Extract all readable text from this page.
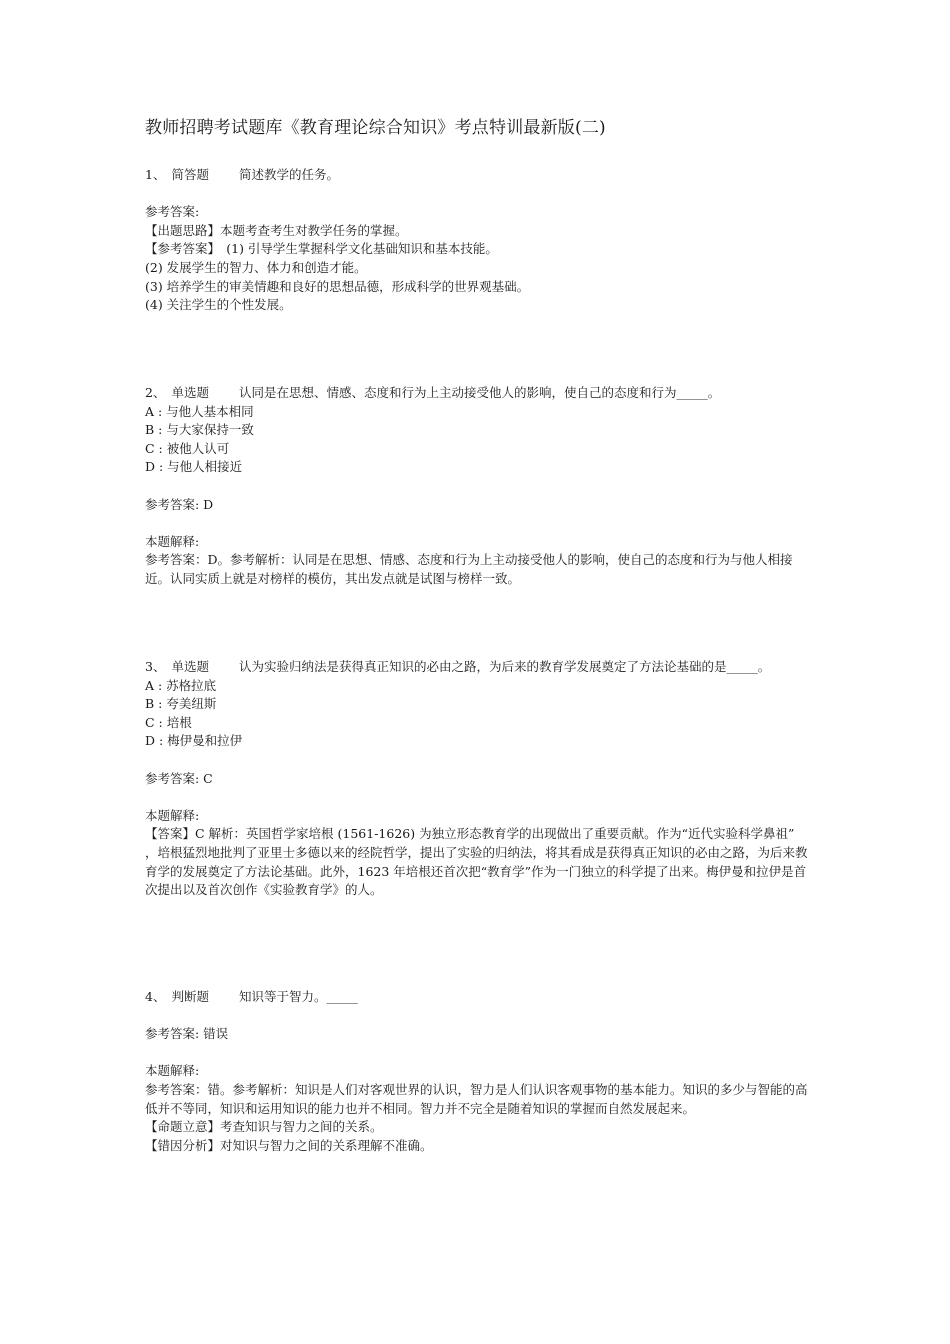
教师招聘考试题库《教育理论综合知识》考点特训最新版(二)

1、 简答题 简述教学的任务。

参考答案:

【出题思路】本题考查考生对教学任务的掌握。

【参考答案】　(1) 引导学生掌握科学文化基础知识和基本技能。

(2) 发展学生的智力、体力和创造才能。

(3) 培养学生的审美情趣和良好的思想品德，形成科学的世界观基础。

(4) 关注学生的个性发展。

2、 单选题 认同是在思想、情感、态度和行为上主动接受他人的影响，使自己的态度和行为_____。

A : 与他人基本相同

B : 与大家保持一致

C : 被他人认可

D : 与他人相接近

参考答案: D

本题解释:

参考答案：D。参考解析：认同是在思想、情感、态度和行为上主动接受他人的影响，使自己的态度和行为与他人相接近。认同实质上就是对榜样的模仿，其出发点就是试图与榜样一致。

3、 单选题 认为实验归纳法是获得真正知识的必由之路，为后来的教育学发展奠定了方法论基础的是_____。

A : 苏格拉底

B : 夸美纽斯

C : 培根

D : 梅伊曼和拉伊

参考答案: C

本题解释:

【答案】C 解析：英国哲学家培根 (1561-1626) 为独立形态教育学的出现做出了重要贡献。作为“近代实验科学鼻祖” ，培根猛烈地批判了亚里士多德以来的经院哲学，提出了实验的归纳法，将其看成是获得真正知识的必由之路，为后来教育学的发展奠定了方法论基础。此外，1623 年培根还首次把“教育学”作为一门独立的科学提了出来。梅伊曼和拉伊是首次提出以及首次创作《实验教育学》的人。

4、 判断题 知识等于智力。_____

参考答案: 错误

本题解释:

参考答案：错。参考解析：知识是人们对客观世界的认识，智力是人们认识客观事物的基本能力。知识的多少与智能的高低并不等同，知识和运用知识的能力也并不相同。智力并不完全是随着知识的掌握而自然发展起来。

【命题立意】考查知识与智力之间的关系。

【错因分析】对知识与智力之间的关系理解不准确。
